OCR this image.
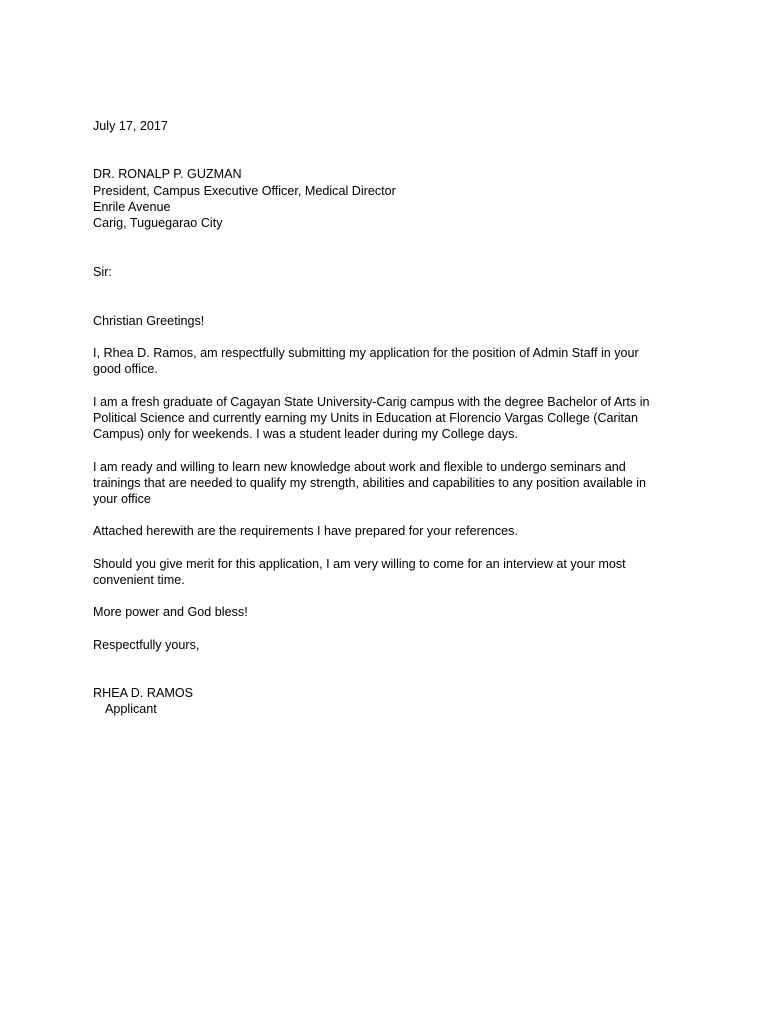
July 17, 2017

DR. RONALP P. GUZMAN
President, Campus Executive Officer, Medical Director
Enrile Avenue
Carig, Tuguegarao City

Sir:

Christian Greetings!

I, Rhea D. Ramos, am respectfully submitting my application for the position of Admin Staff in your
good office.
I am a fresh graduate of Cagayan State University-Carig campus with the degree Bachelor of Arts in
Political Science and currently earning my Units in Education at Florencio Vargas College (Caritan
Campus) only for weekends. I was a student leader during my College days.
I am ready and willing to learn new knowledge about work and flexible to undergo seminars and
trainings that are needed to qualify my strength, abilities and capabilities to any position available in
your office
Attached herewith are the requirements I have prepared for your references.
Should you give merit for this application, I am very willing to come for an interview at your most
convenient time.
More power and God bless!

Respectfully yours,

RHEA D. RAMOS
Applicant
